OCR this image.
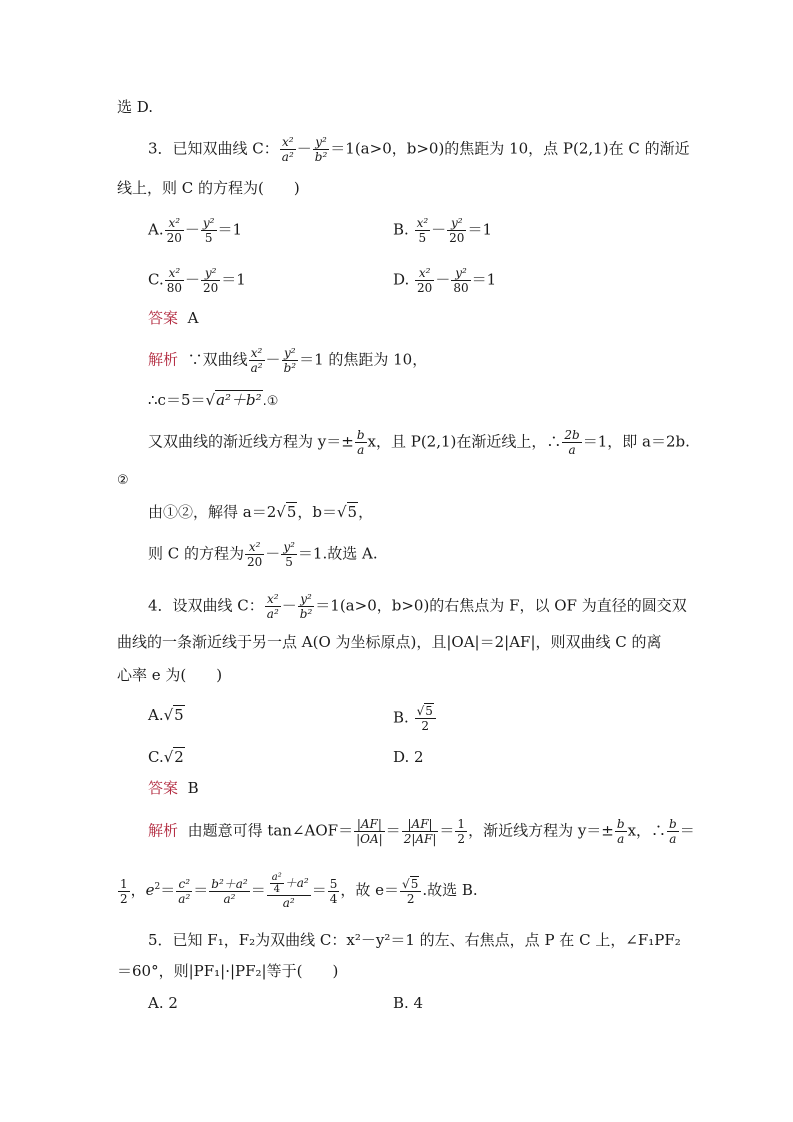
选 D.
3．已知双曲线 C： $\frac{\text{x²}}{\text{a²}} - \frac{\text{y²}}{\text{b²}} =1(a>0$，b>0)的焦距为 10，点 P(2,1)在 C 的渐近
线上，则 C 的方程为(　　)
A. $\frac{\text{x²}}{20} - \frac{\text{y²}}{5} =1$	B. $\frac{\text{x²}}{5} - \frac{\text{y²}}{20} =1$
C. $\frac{\text{x²}}{80} - \frac{\text{y²}}{20} =1$	D. $\frac{\text{x²}}{20} - \frac{\text{y²}}{80} =1$
答案 A
解析 ∵双曲线 $\frac{\text{x²}}{\text{a²}} - \frac{\text{y²}}{\text{b²}} =1$ 的焦距为 10，
∴c＝5＝√a²＋b².①
又双曲线的渐近线方程为 $y=\pm \frac{b}{a}$ x，且 P(2,1)在渐近线上，∴ $\frac{2b}{a} =1$，即 a＝2b.
②
由①②，解得 a＝2√5，b＝√5，
则 C 的方程为 $\frac{\text{x²}}{20} - \frac{\text{y²}}{5} =1$.故选 A.
4．设双曲线 C： $\frac{\text{x²}}{\text{a²}} - \frac{\text{y²}}{\text{b²}} =1(a>0$，b>0)的右焦点为 F，以 OF 为直径的圆交双
曲线的一条渐近线于另一点 A(O 为坐标原点)，且|OA|＝2|AF|，则双曲线 C 的离
心率 e 为(　　)
A.√5	B. $\frac{√5}{2}$
C.√2	D. 2
答案 B
解析 由题意可得 tan∠AOF＝ $\frac{|AF|}{|OA|} = \frac{|AF|}{2|AF|} = \frac{1}{2}$ ，渐近线方程为 $y=\pm \frac{b}{a}$ x，∴ $\frac{b}{a}$ ＝
$\frac{1}{2}$ ，$e^2= \frac{\text{c²}}{\text{a²}} = \frac{\text{b²＋a²}}{\text{a²}} = \frac{\frac{\text{a²}}{4} +a^2}{\text{a²}} = \frac{5}{4}$ ，故 $e= \frac{√5}{2}$ .故选 B.
5．已知 F₁，F₂为双曲线 C：x²－y²＝1 的左、右焦点，点 P 在 C 上，∠F₁PF₂
＝60°，则|PF₁|·|PF₂|等于(　　)
A. 2	B. 4
